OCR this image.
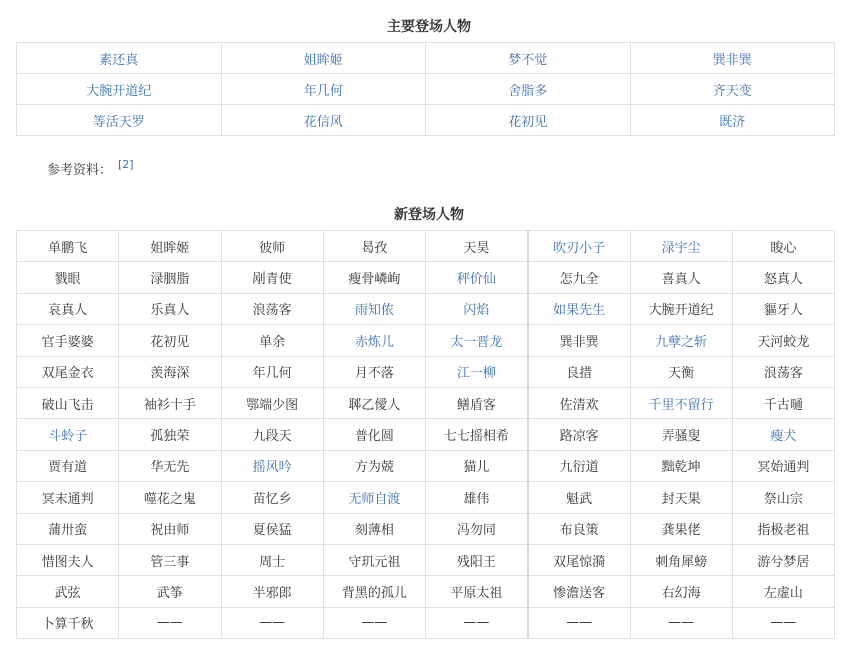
主要登场人物
素还真	姐眸姬	梦不觉	巽非巽
大腕开道纪	年几何	舍脂多	齐天变
等活天罗	花信风	花初见	既济
参考资料： [2]
新登场人物
单鹏飞	姐眸姬	彼师	曷孜	天昊	吹刃小子	渌宇尘	睃心
戮眼	渌胭脂	剐青使	瘦骨嶙峋	秤价仙	怎九全	喜真人	怒真人
哀真人	乐真人	浪荡客	雨知侬	闪焰	如果先生	大腕开道纪	貙牙人
官手婆婆	花初见	单余	赤炼儿	太一晋龙	巽非巽	九孽之斩	天河蛟龙
双尾金衣	羡海深	年几何	月不落	江一柳	良措	天衡	浪荡客
破山飞击	袖衫十手	鄂端少图	郰乙僾人	鳝盾客	佐清欢	千里不留行	千古嗵
斗蛉子	孤独荣	九段天	普化圆	七七摇相希	路凉客	弄骚叟	瘦犬
贾有道	华无先	摇风吟	方为兢	猫儿	九衍道	黜乾坤	冥始通判
冥末通判	噬花之鬼	苗忆乡	无师自渡	雄伟	魁武	封天果	祭山宗
蒲卅蛮	祝由师	夏侯猛	刻薄相	冯勿同	布良策	龚果佬	指极老祖
惜图夫人	管三事	周士	守玑元祖	残阳王	双尾惊漪	刺角犀螃	游兮梦居
武弦	武筝	半邪郎	背黑的孤儿	平原太祖	惨澹送客	右幻海	左虚山
卜算千秋	——	——	——	——	——	——	——
